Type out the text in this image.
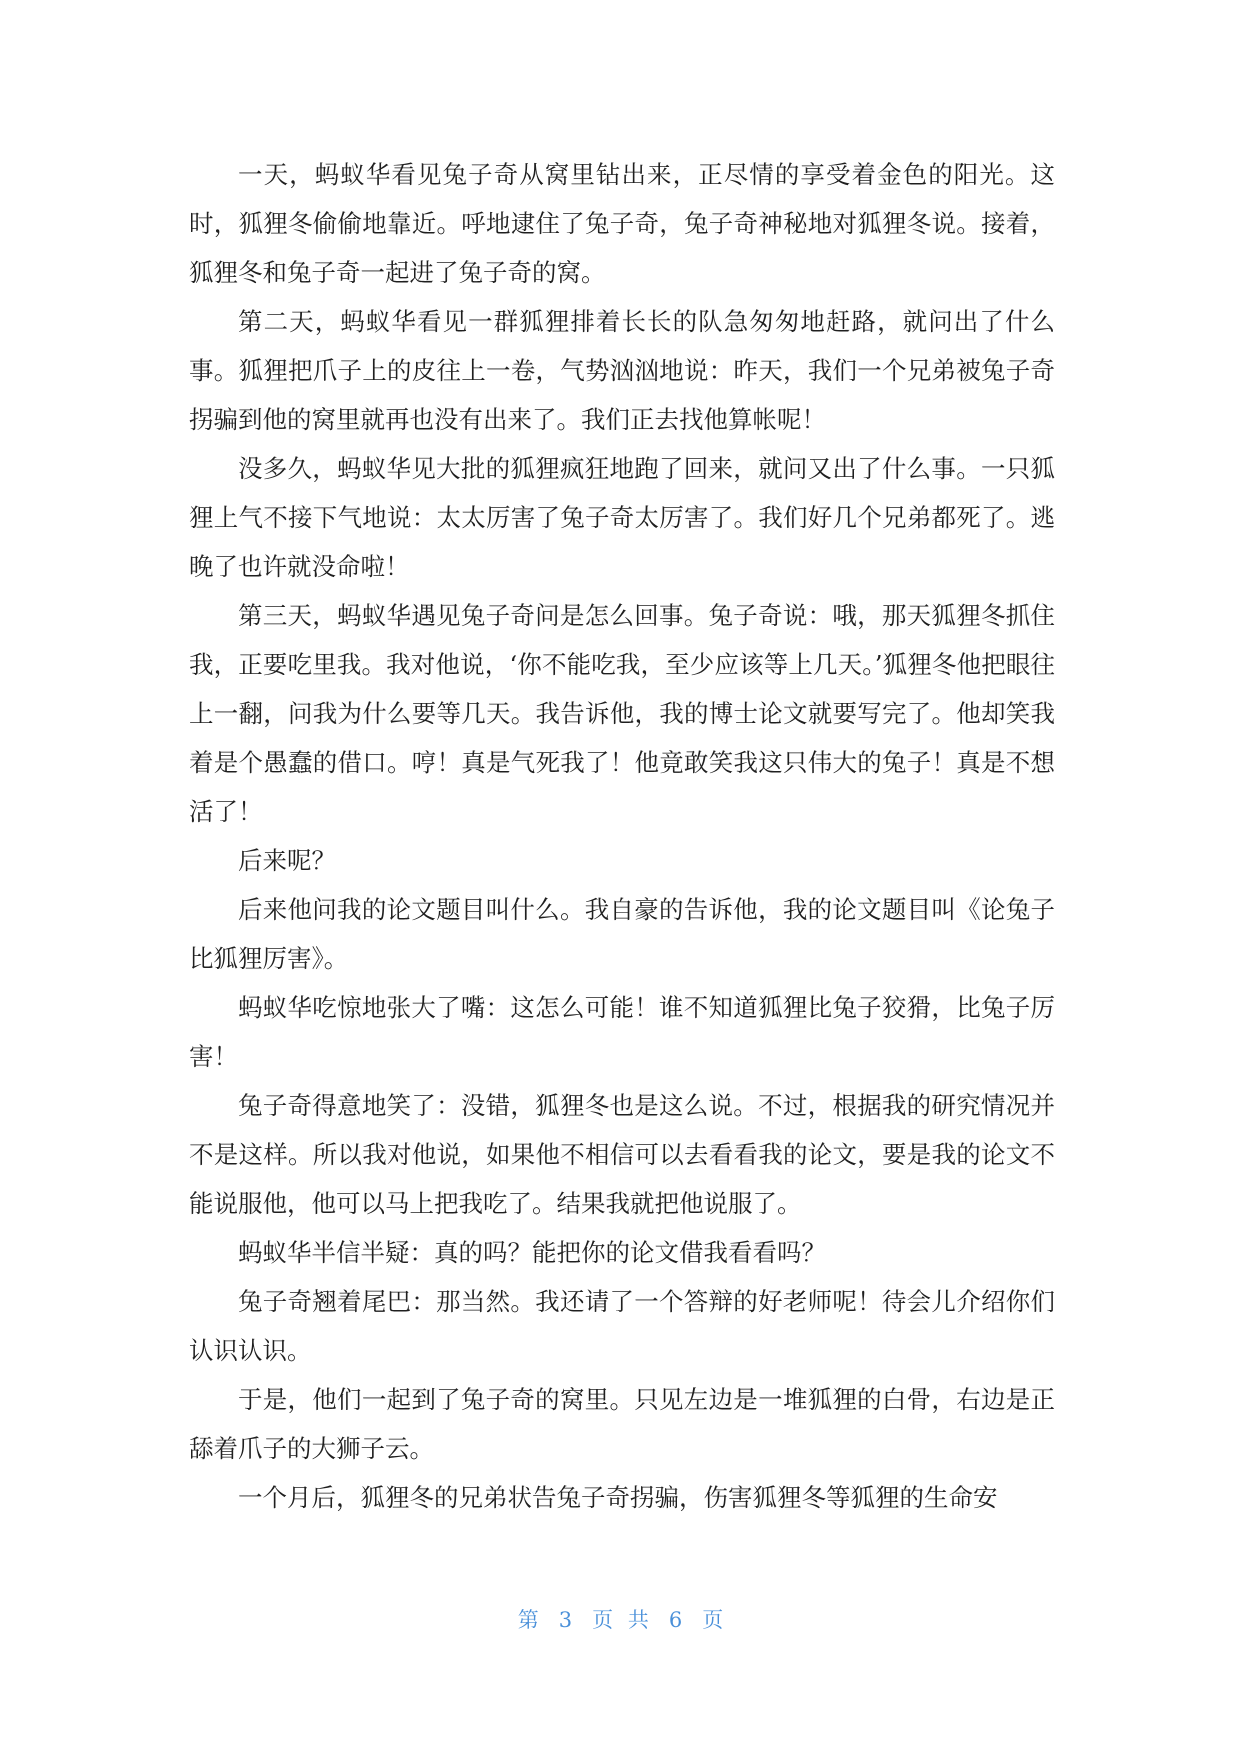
一天，蚂蚁华看见兔子奇从窝里钻出来，正尽情的享受着金色的阳光。这时，狐狸冬偷偷地靠近。呼地逮住了兔子奇，兔子奇神秘地对狐狸冬说。接着，狐狸冬和兔子奇一起进了兔子奇的窝。

第二天，蚂蚁华看见一群狐狸排着长长的队急匆匆地赶路，就问出了什么事。狐狸把爪子上的皮往上一卷，气势汹汹地说：昨天，我们一个兄弟被兔子奇拐骗到他的窝里就再也没有出来了。我们正去找他算帐呢！

没多久，蚂蚁华见大批的狐狸疯狂地跑了回来，就问又出了什么事。一只狐狸上气不接下气地说：太太厉害了兔子奇太厉害了。我们好几个兄弟都死了。逃晚了也许就没命啦！

第三天，蚂蚁华遇见兔子奇问是怎么回事。兔子奇说：哦，那天狐狸冬抓住我，正要吃里我。我对他说，‘你不能吃我，至少应该等上几天。’狐狸冬他把眼往上一翻，问我为什么要等几天。我告诉他，我的博士论文就要写完了。他却笑我着是个愚蠢的借口。哼！真是气死我了！他竟敢笑我这只伟大的兔子！真是不想活了！

后来呢？

后来他问我的论文题目叫什么。我自豪的告诉他，我的论文题目叫《论兔子比狐狸厉害》。

蚂蚁华吃惊地张大了嘴：这怎么可能！谁不知道狐狸比兔子狡猾，比兔子厉害！

兔子奇得意地笑了：没错，狐狸冬也是这么说。不过，根据我的研究情况并不是这样。所以我对他说，如果他不相信可以去看看我的论文，要是我的论文不能说服他，他可以马上把我吃了。结果我就把他说服了。

蚂蚁华半信半疑：真的吗？能把你的论文借我看看吗？

兔子奇翘着尾巴：那当然。我还请了一个答辩的好老师呢！待会儿介绍你们认识认识。

于是，他们一起到了兔子奇的窝里。只见左边是一堆狐狸的白骨，右边是正舔着爪子的大狮子云。

一个月后，狐狸冬的兄弟状告兔子奇拐骗，伤害狐狸冬等狐狸的生命安

第 3 页共 6 页
